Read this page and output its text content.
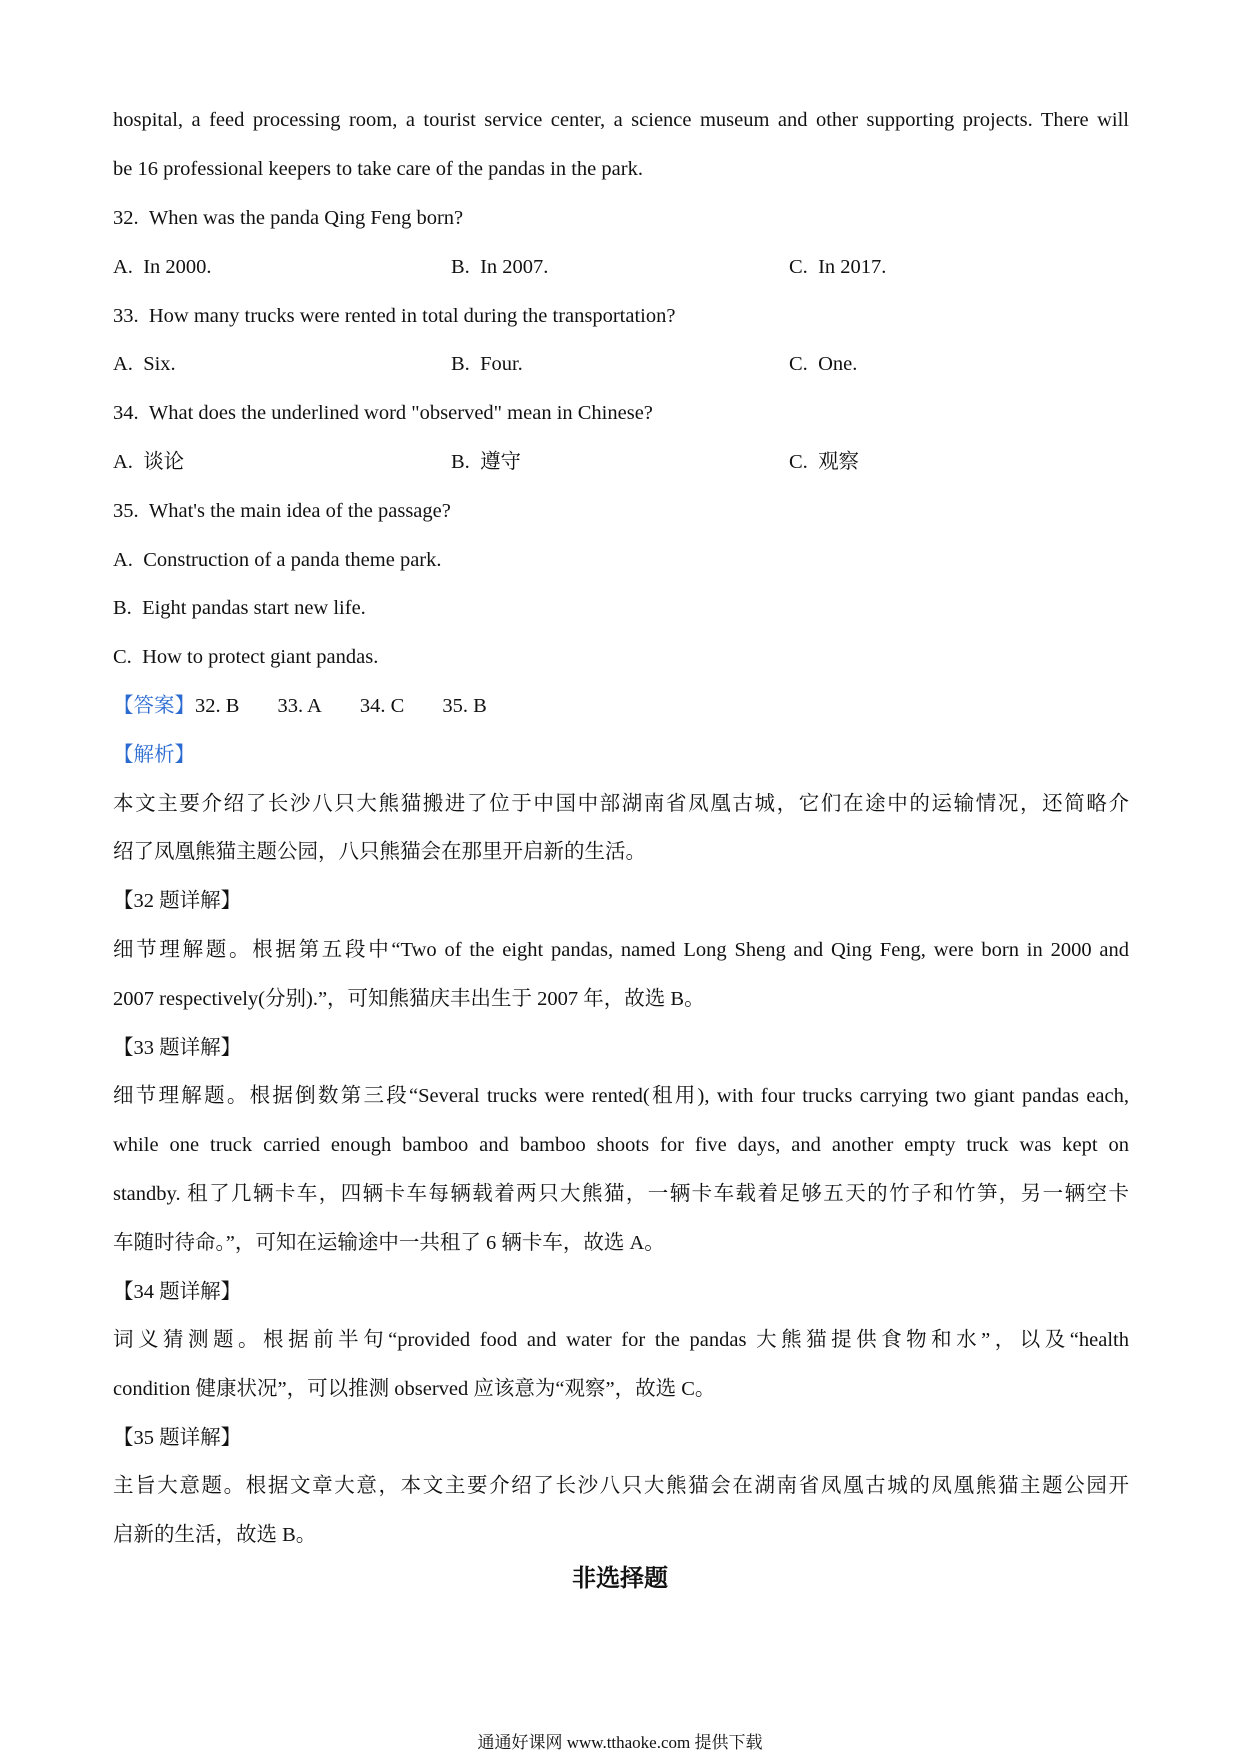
hospital, a feed processing room, a tourist service center, a science museum and other supporting projects. There will
be 16 professional keepers to take care of the pandas in the park.
32. When was the panda Qing Feng born?
A. In 2000.	B. In 2007.	C. In 2017.
33. How many trucks were rented in total during the transportation?
A. Six.	B. Four.	C. One.
34. What does the underlined word "observed" mean in Chinese?
A. 谈论	B. 遵守	C. 观察
35. What's the main idea of the passage?
A. Construction of a panda theme park.
B. Eight pandas start new life.
C. How to protect giant pandas.
【答案】32. B 33. A 34. C 35. B
【解析】
本文主要介绍了长沙八只大熊猫搬进了位于中国中部湖南省凤凰古城，它们在途中的运输情况，还简略介
绍了凤凰熊猫主题公园，八只熊猫会在那里开启新的生活。
【32 题详解】
细节理解题。根据第五段中“Two of the eight pandas, named Long Sheng and Qing Feng, were born in 2000 and
2007 respectively(分别).”，可知熊猫庆丰出生于 2007 年，故选 B。
【33 题详解】
细节理解题。根据倒数第三段“Several trucks were rented(租用), with four trucks carrying two giant pandas each,
while one truck carried enough bamboo and bamboo shoots for five days, and another empty truck was kept on
standby. 租了几辆卡车，四辆卡车每辆载着两只大熊猫，一辆卡车载着足够五天的竹子和竹笋，另一辆空卡
车随时待命。”，可知在运输途中一共租了 6 辆卡车，故选 A。
【34 题详解】
词义猜测题。根据前半句“provided food and water for the pandas 大熊猫提供食物和水”，以及“health
condition 健康状况”，可以推测 observed 应该意为“观察”，故选 C。
【35 题详解】
主旨大意题。根据文章大意，本文主要介绍了长沙八只大熊猫会在湖南省凤凰古城的凤凰熊猫主题公园开
启新的生活，故选 B。
非选择题
通通好课网 www.tthaoke.com 提供下载
